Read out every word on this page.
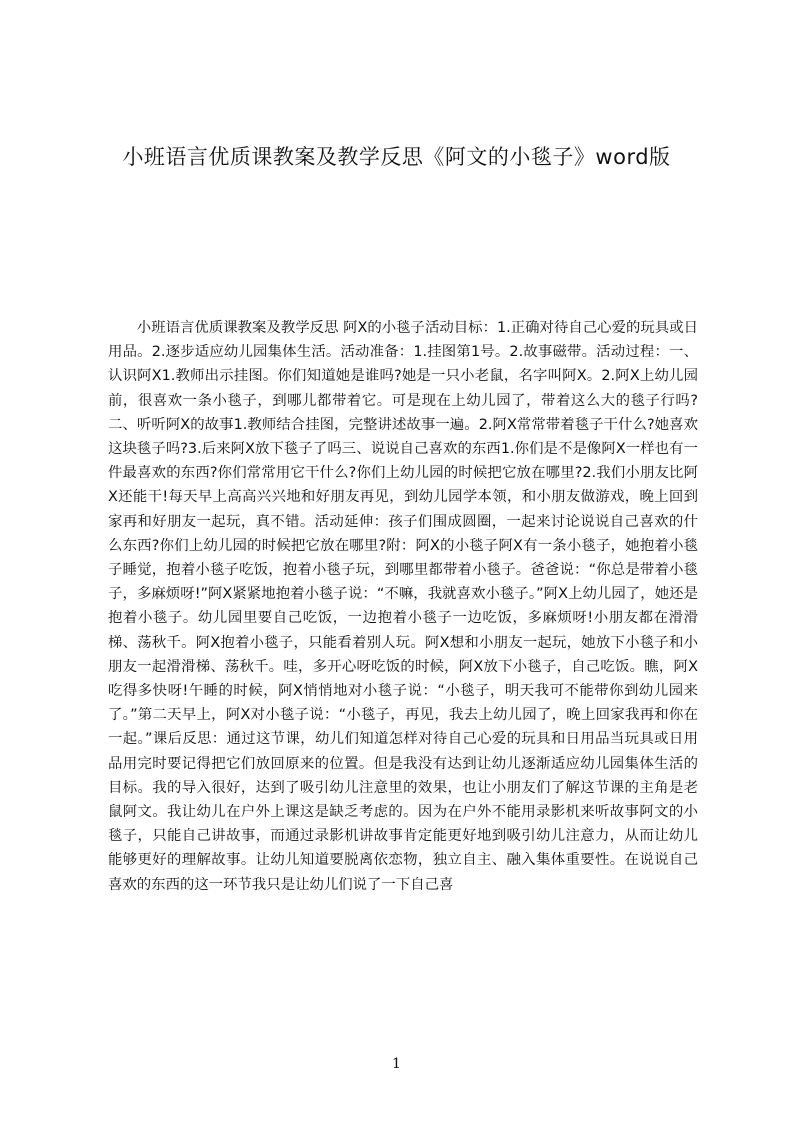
小班语言优质课教案及教学反思《阿文的小毯子》word版

小班语言优质课教案及教学反思 阿X的小毯子活动目标：1.正确对待自己心爱的玩具或日用品。2.逐步适应幼儿园集体生活。活动准备：1.挂图第1号。2.故事磁带。活动过程：一、认识阿X1.教师出示挂图。你们知道她是谁吗?她是一只小老鼠，名字叫阿X。2.阿X上幼儿园前，很喜欢一条小毯子，到哪儿都带着它。可是现在上幼儿园了，带着这么大的毯子行吗?二、听听阿X的故事1.教师结合挂图，完整讲述故事一遍。2.阿X常常带着毯子干什么?她喜欢这块毯子吗?3.后来阿X放下毯子了吗三、说说自己喜欢的东西1.你们是不是像阿X一样也有一件最喜欢的东西?你们常常用它干什么?你们上幼儿园的时候把它放在哪里?2.我们小朋友比阿X还能干!每天早上高高兴兴地和好朋友再见，到幼儿园学本领，和小朋友做游戏，晚上回到家再和好朋友一起玩，真不错。活动延伸：孩子们围成圆圈，一起来讨论说说自己喜欢的什么东西?你们上幼儿园的时候把它放在哪里?附：阿X的小毯子阿X有一条小毯子，她抱着小毯子睡觉，抱着小毯子吃饭，抱着小毯子玩，到哪里都带着小毯子。爸爸说：“你总是带着小毯子，多麻烦呀!”阿X紧紧地抱着小毯子说：“不嘛，我就喜欢小毯子。”阿X上幼儿园了，她还是抱着小毯子。幼儿园里要自己吃饭，一边抱着小毯子一边吃饭，多麻烦呀!小朋友都在滑滑梯、荡秋千。阿X抱着小毯子，只能看着别人玩。阿X想和小朋友一起玩，她放下小毯子和小朋友一起滑滑梯、荡秋千。哇，多开心呀吃饭的时候，阿X放下小毯子，自己吃饭。瞧，阿X吃得多快呀!午睡的时候，阿X悄悄地对小毯子说：“小毯子，明天我可不能带你到幼儿园来了。”第二天早上，阿X对小毯子说：“小毯子，再见，我去上幼儿园了，晚上回家我再和你在一起。”课后反思：通过这节课，幼儿们知道怎样对待自己心爱的玩具和日用品当玩具或日用品用完时要记得把它们放回原来的位置。但是我没有达到让幼儿逐渐适应幼儿园集体生活的目标。我的导入很好，达到了吸引幼儿注意里的效果，也让小朋友们了解这节课的主角是老鼠阿文。我让幼儿在户外上课这是缺乏考虑的。因为在户外不能用录影机来听故事阿文的小毯子，只能自己讲故事，而通过录影机讲故事肯定能更好地到吸引幼儿注意力，从而让幼儿能够更好的理解故事。让幼儿知道要脱离依恋物，独立自主、融入集体重要性。在说说自己喜欢的东西的这一环节我只是让幼儿们说了一下自己喜

1
